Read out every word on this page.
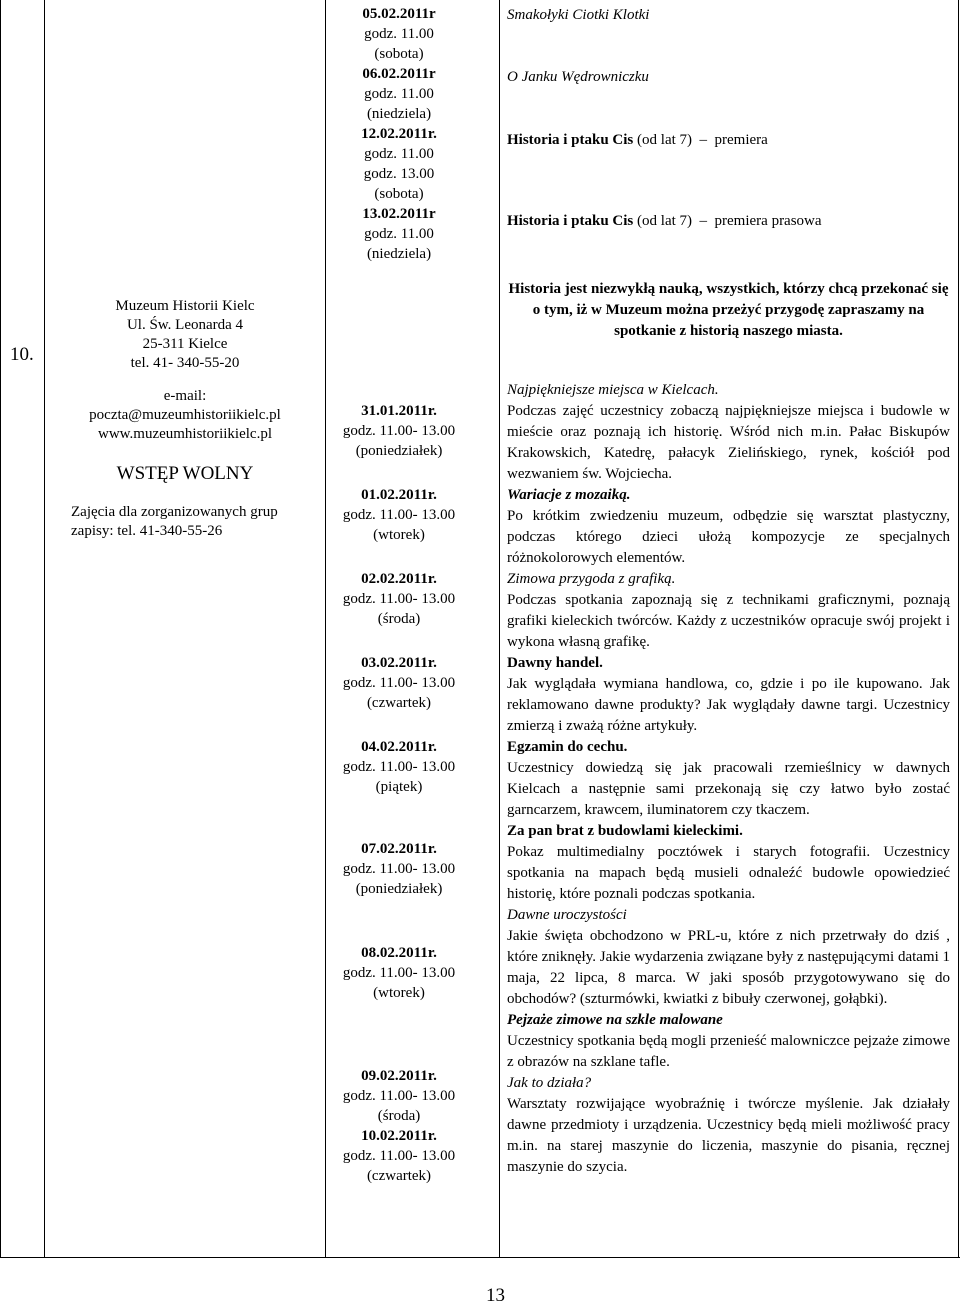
10.
Muzeum Historii Kielc
Ul. Św. Leonarda 4
25-311 Kielce
tel. 41- 340-55-20
e-mail:
poczta@muzeumhistoriikielc.pl
www.muzeumhistoriikielc.pl
WSTĘP WOLNY
Zajęcia dla zorganizowanych grup
zapisy: tel. 41-340-55-26
05.02.2011r
godz. 11.00
(sobota)
06.02.2011r
godz. 11.00
(niedziela)
12.02.2011r.
godz. 11.00
godz. 13.00
(sobota)
13.02.2011r
godz. 11.00
(niedziela)
31.01.2011r.
godz. 11.00- 13.00
(poniedziałek)
01.02.2011r.
godz. 11.00- 13.00
(wtorek)
02.02.2011r.
godz. 11.00- 13.00
(środa)
03.02.2011r.
godz. 11.00- 13.00
(czwartek)
04.02.2011r.
godz. 11.00- 13.00
(piątek)
07.02.2011r.
godz. 11.00- 13.00
(poniedziałek)
08.02.2011r.
godz. 11.00- 13.00
(wtorek)
09.02.2011r.
godz. 11.00- 13.00
(środa)
10.02.2011r.
godz. 11.00- 13.00
(czwartek)
Smakołyki Ciotki Klotki
O Janku Wędrowniczku
Historia i ptaku Cis (od lat 7) – premiera
Historia i ptaku Cis (od lat 7) – premiera prasowa
Historia jest niezwykłą nauką, wszystkich, którzy chcą przekonać się o tym, iż w Muzeum można przeżyć przygodę zapraszamy na spotkanie z historią naszego miasta.

Najpiękniejsze miejsca w Kielcach.

Podczas zajęć uczestnicy zobaczą najpiękniejsze miejsca i budowle w mieście oraz poznają ich historię. Wśród nich m.in. Pałac Biskupów Krakowskich, Katedrę, pałacyk Zielińskiego, rynek, kościół pod wezwaniem św. Wojciecha.

Wariacje z mozaiką.

Po krótkim zwiedzeniu muzeum, odbędzie się warsztat plastyczny, podczas którego dzieci ułożą kompozycje ze specjalnych różnokolorowych elementów.

Zimowa przygoda z grafiką.

Podczas spotkania zapoznają się z technikami graficznymi, poznają grafiki kieleckich twórców. Każdy z uczestników opracuje swój projekt i wykona własną grafikę.

Dawny handel.

Jak wyglądała wymiana handlowa, co, gdzie i po ile kupowano. Jak reklamowano dawne produkty? Jak wyglądały dawne targi. Uczestnicy zmierzą i zważą różne artykuły.

Egzamin do cechu.

Uczestnicy dowiedzą się jak pracowali rzemieślnicy w dawnych Kielcach a następnie sami przekonają się czy łatwo było zostać garncarzem, krawcem, iluminatorem czy tkaczem.

Za pan brat z budowlami kieleckimi.

Pokaz multimedialny pocztówek i starych fotografii. Uczestnicy spotkania na mapach będą musieli odnaleźć budowle opowiedzieć historię, które poznali podczas spotkania.

Dawne uroczystości

Jakie święta obchodzono w PRL-u, które z nich przetrwały do dziś , które zniknęły. Jakie wydarzenia związane były z następującymi datami 1 maja, 22 lipca, 8 marca. W jaki sposób przygotowywano się do obchodów? (szturmówki, kwiatki z bibuły czerwonej, gołąbki).

Pejzaże zimowe na szkle malowane

Uczestnicy spotkania będą mogli przenieść malowniczce pejzaże zimowe z obrazów na szklane tafle.

Jak to działa?

Warsztaty rozwijające wyobraźnię i twórcze myślenie. Jak działały dawne przedmioty i urządzenia. Uczestnicy będą mieli możliwość pracy m.in. na starej maszynie do liczenia, maszynie do pisania, ręcznej maszynie do szycia.

13
